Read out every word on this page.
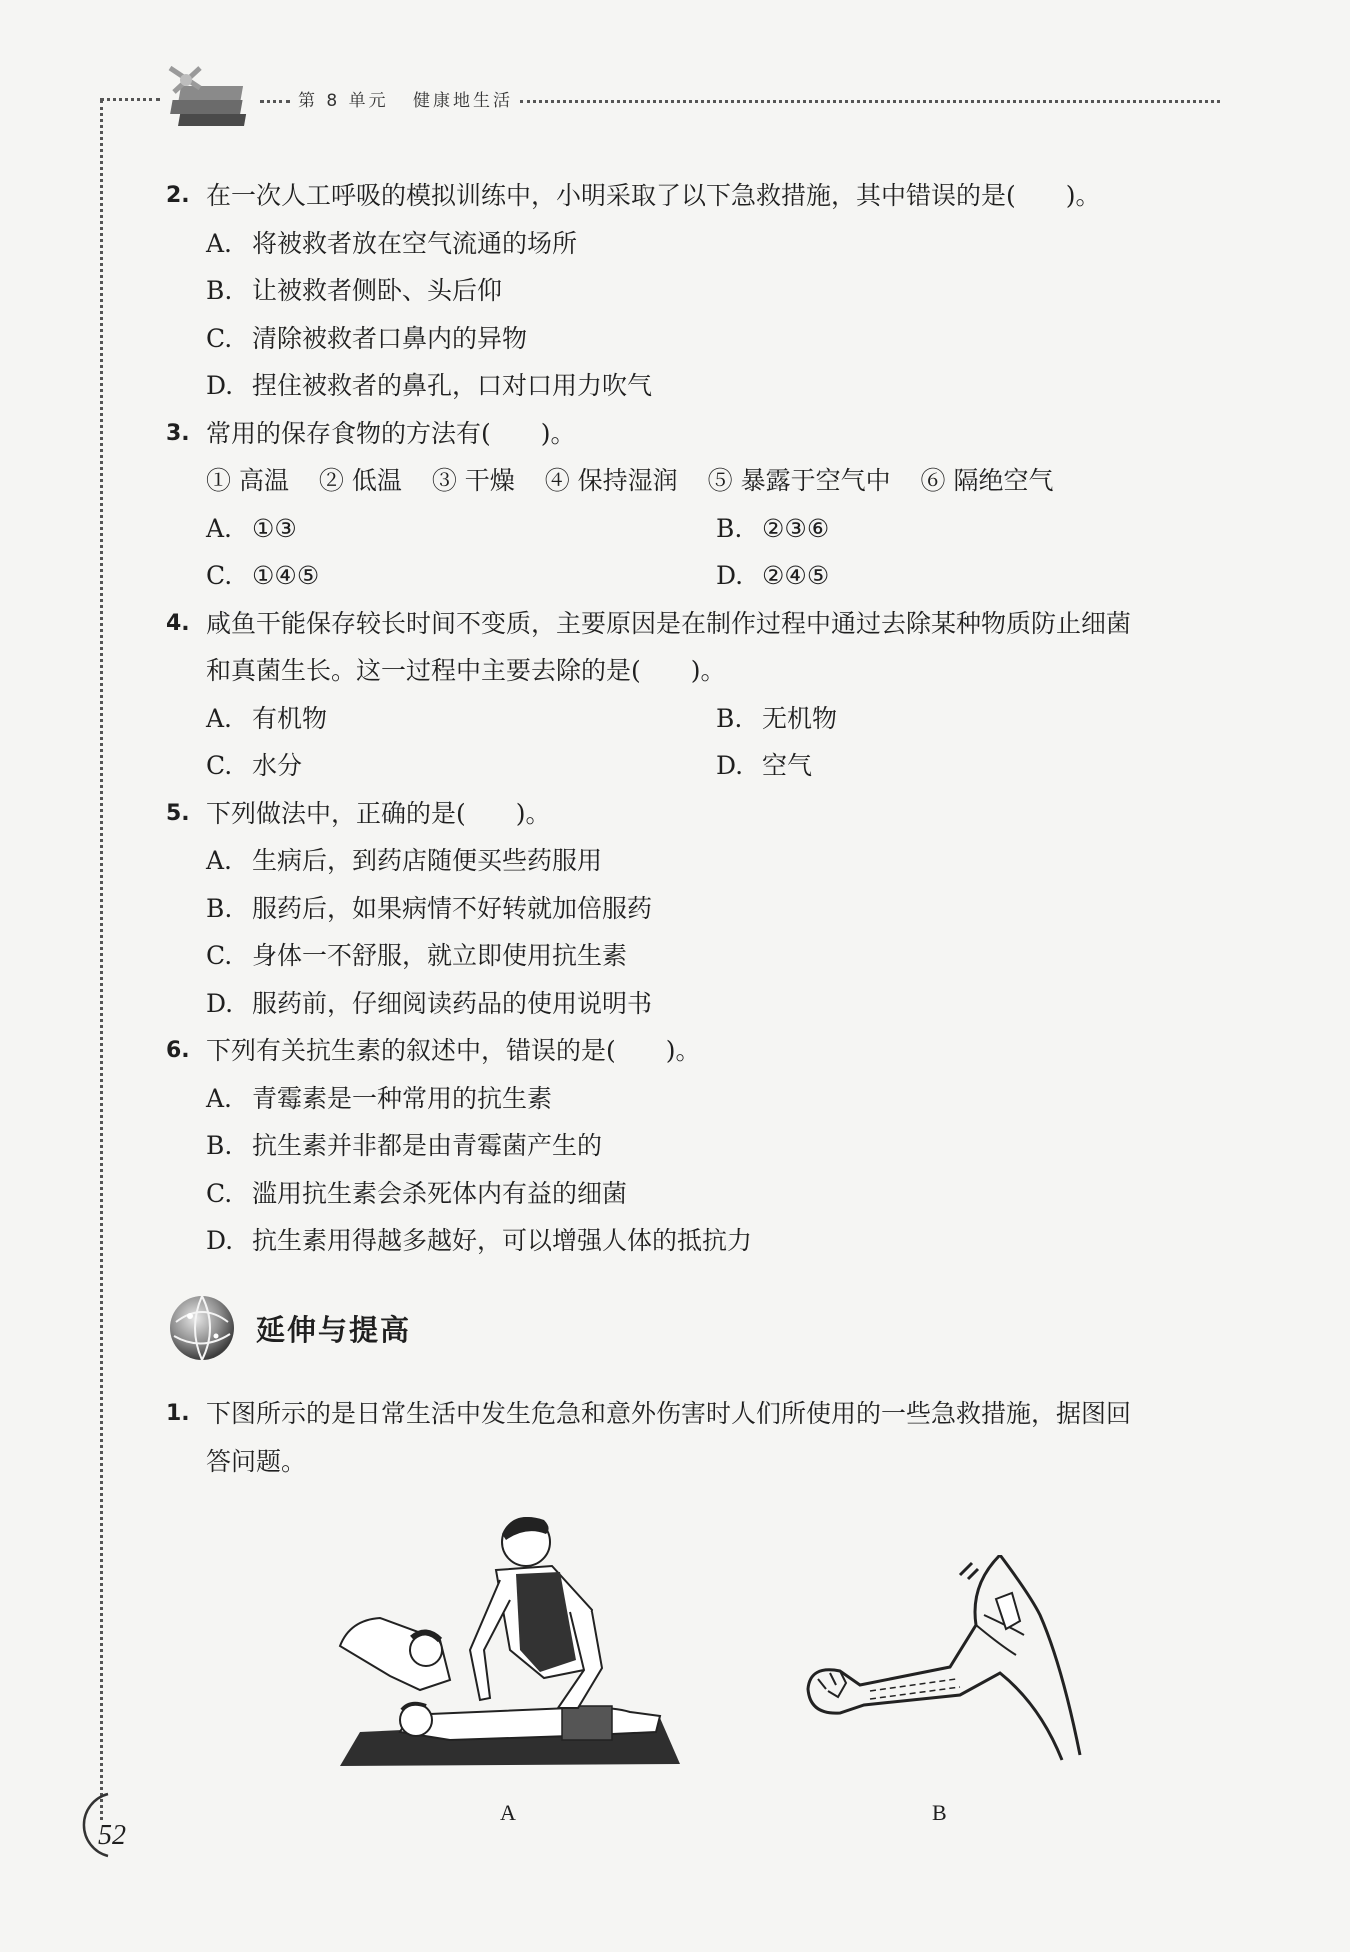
第 8 单元 健康地生活
2. 在一次人工呼吸的模拟训练中，小明采取了以下急救措施，其中错误的是(　　)。
A. 将被救者放在空气流通的场所
B. 让被救者侧卧、头后仰
C. 清除被救者口鼻内的异物
D. 捏住被救者的鼻孔，口对口用力吹气
3. 常用的保存食物的方法有(　　)。
① 高温 ② 低温 ③ 干燥 ④ 保持湿润 ⑤ 暴露于空气中 ⑥ 隔绝空气
A. ①③	B. ②③⑥
C. ①④⑤	D. ②④⑤
4. 咸鱼干能保存较长时间不变质，主要原因是在制作过程中通过去除某种物质防止细菌
和真菌生长。这一过程中主要去除的是(　　)。
A. 有机物	B. 无机物
C. 水分	D. 空气
5. 下列做法中，正确的是(　　)。
A. 生病后，到药店随便买些药服用
B. 服药后，如果病情不好转就加倍服药
C. 身体一不舒服，就立即使用抗生素
D. 服药前，仔细阅读药品的使用说明书
6. 下列有关抗生素的叙述中，错误的是(　　)。
A. 青霉素是一种常用的抗生素
B. 抗生素并非都是由青霉菌产生的
C. 滥用抗生素会杀死体内有益的细菌
D. 抗生素用得越多越好，可以增强人体的抵抗力
延伸与提高
1. 下图所示的是日常生活中发生危急和意外伤害时人们所使用的一些急救措施，据图回
答问题。
A	B
52
